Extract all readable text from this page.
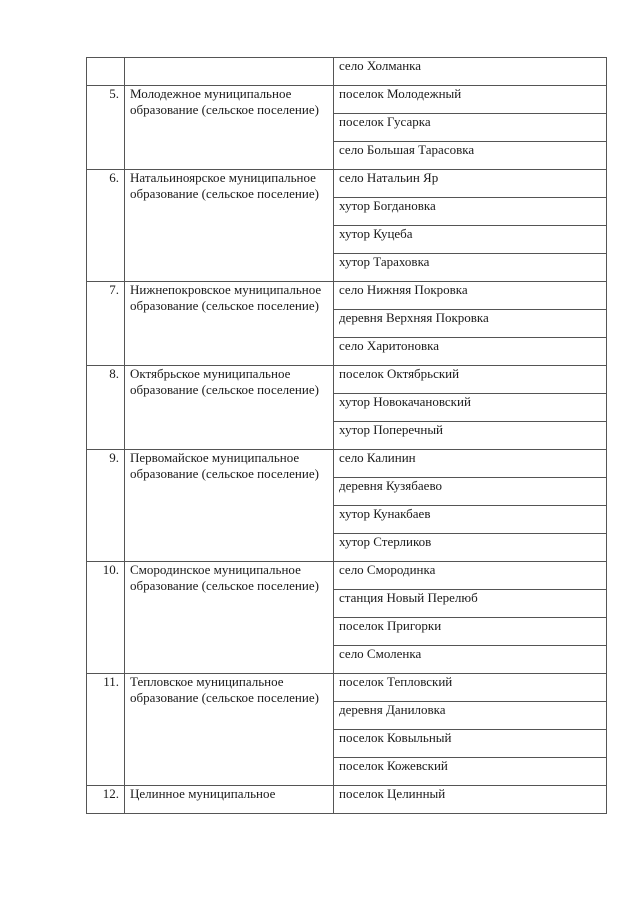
		село Холманка
5.	Молодежное муниципальное образование (сельское поселение)	поселок Молодежный
		поселок Гусарка
		село Большая Тарасовка
6.	Натальиноярское муниципальное образование (сельское поселение)	село Натальин Яр
		хутор Богдановка
		хутор Куцеба
		хутор Тараховка
7.	Нижнепокровское муниципальное образование (сельское поселение)	село Нижняя Покровка
		деревня Верхняя Покровка
		село Харитоновка
8.	Октябрьское муниципальное образование (сельское поселение)	поселок Октябрьский
		хутор Новокачановский
		хутор Поперечный
9.	Первомайское муниципальное образование (сельское поселение)	село Калинин
		деревня Кузябаево
		хутор Кунакбаев
		хутор Стерликов
10.	Смородинское муниципальное образование (сельское поселение)	село Смородинка
		станция Новый Перелюб
		поселок Пригорки
		село Смоленка
11.	Тепловское муниципальное образование (сельское поселение)	поселок Тепловский
		деревня Даниловка
		поселок Ковыльный
		поселок Кожевский
12.	Целинное муниципальное	поселок Целинный
